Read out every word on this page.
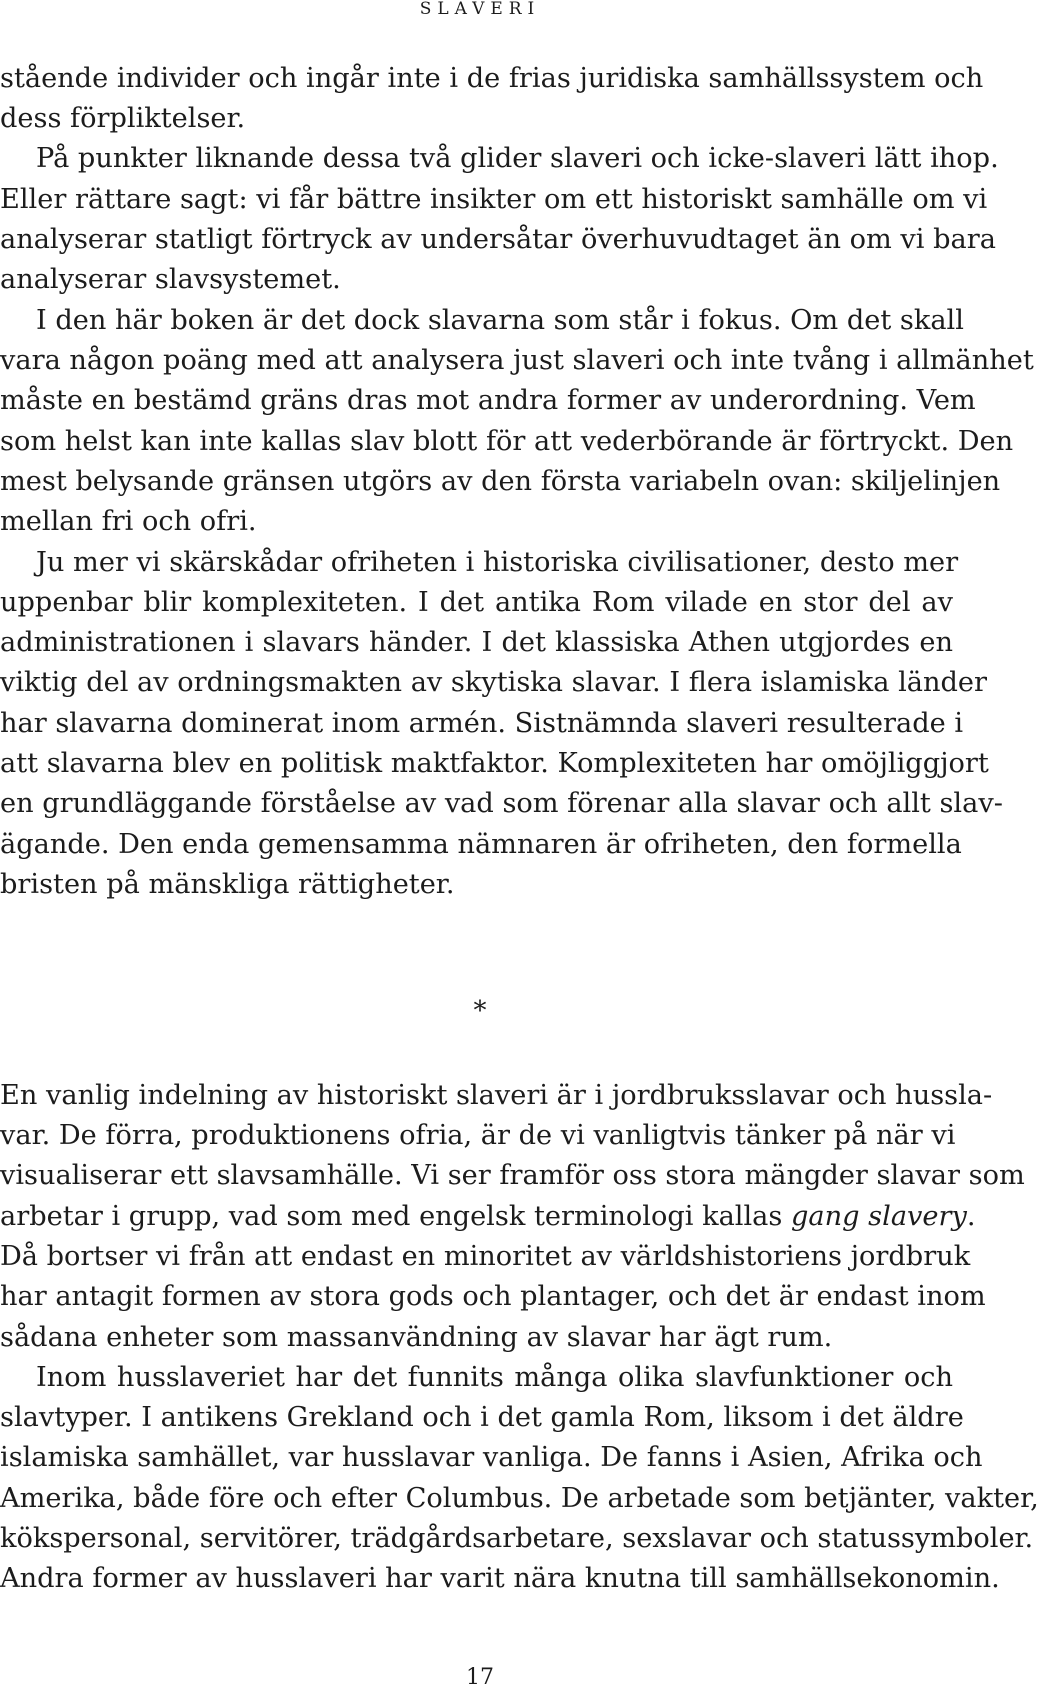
SLAVERI
stående individer och ingår inte i de frias juridiska samhällssystem och
dess förpliktelser.
På punkter liknande dessa två glider slaveri och icke-slaveri lätt ihop.
Eller rättare sagt: vi får bättre insikter om ett historiskt samhälle om vi
analyserar statligt förtryck av undersåtar överhuvudtaget än om vi bara
analyserar slavsystemet.
I den här boken är det dock slavarna som står i fokus. Om det skall
vara någon poäng med att analysera just slaveri och inte tvång i allmänhet
måste en bestämd gräns dras mot andra former av underordning. Vem
som helst kan inte kallas slav blott för att vederbörande är förtryckt. Den
mest belysande gränsen utgörs av den första variabeln ovan: skiljelinjen
mellan fri och ofri.
Ju mer vi skärskådar ofriheten i historiska civilisationer, desto mer
uppenbar blir komplexiteten. I det antika Rom vilade en stor del av
administrationen i slavars händer. I det klassiska Athen utgjordes en
viktig del av ordningsmakten av skytiska slavar. I flera islamiska länder
har slavarna dominerat inom armén. Sistnämnda slaveri resulterade i
att slavarna blev en politisk maktfaktor. Komplexiteten har omöjliggjort
en grundläggande förståelse av vad som förenar alla slavar och allt slav-
ägande. Den enda gemensamma nämnaren är ofriheten, den formella
bristen på mänskliga rättigheter.
*
En vanlig indelning av historiskt slaveri är i jordbruksslavar och hussla-
var. De förra, produktionens ofria, är de vi vanligtvis tänker på när vi
visualiserar ett slavsamhälle. Vi ser framför oss stora mängder slavar som
arbetar i grupp, vad som med engelsk terminologi kallas gang slavery.
Då bortser vi från att endast en minoritet av världshistoriens jordbruk
har antagit formen av stora gods och plantager, och det är endast inom
sådana enheter som massanvändning av slavar har ägt rum.
Inom husslaveriet har det funnits många olika slavfunktioner och
slavtyper. I antikens Grekland och i det gamla Rom, liksom i det äldre
islamiska samhället, var husslavar vanliga. De fanns i Asien, Afrika och
Amerika, både före och efter Columbus. De arbetade som betjänter, vakter,
kökspersonal, servitörer, trädgårdsarbetare, sexslavar och statussymboler.
Andra former av husslaveri har varit nära knutna till samhällsekonomin.
17
